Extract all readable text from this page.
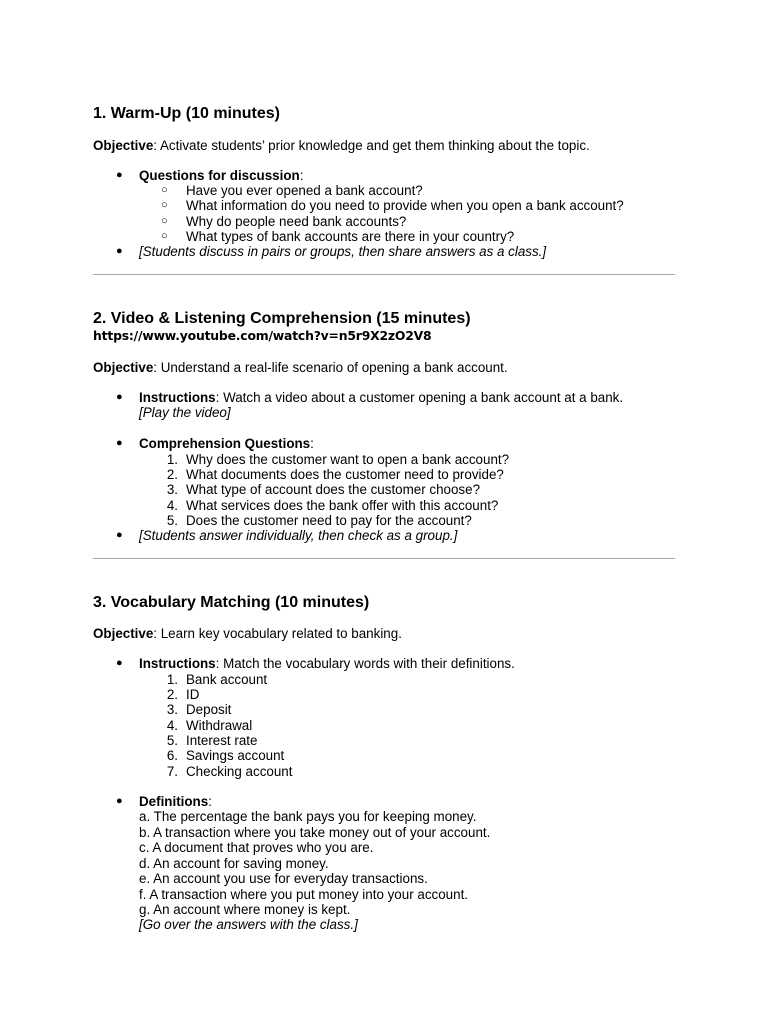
1. Warm-Up (10 minutes)

Objective: Activate students’ prior knowledge and get them thinking about the topic.

● Questions for discussion:
○ Have you ever opened a bank account?
○ What information do you need to provide when you open a bank account?
○ Why do people need bank accounts?
○ What types of bank accounts are there in your country?
● [Students discuss in pairs or groups, then share answers as a class.]
2. Video & Listening Comprehension (15 minutes)

https://www.youtube.com/watch?v=n5r9X2zO2V8

Objective: Understand a real-life scenario of opening a bank account.

● Instructions: Watch a video about a customer opening a bank account at a bank.
[Play the video]
● Comprehension Questions:
1. Why does the customer want to open a bank account?
2. What documents does the customer need to provide?
3. What type of account does the customer choose?
4. What services does the bank offer with this account?
5. Does the customer need to pay for the account?
● [Students answer individually, then check as a group.]
3. Vocabulary Matching (10 minutes)

Objective: Learn key vocabulary related to banking.

● Instructions: Match the vocabulary words with their definitions.
1. Bank account
2. ID
3. Deposit
4. Withdrawal
5. Interest rate
6. Savings account
7. Checking account
● Definitions:
a. The percentage the bank pays you for keeping money.
b. A transaction where you take money out of your account.
c. A document that proves who you are.
d. An account for saving money.
e. An account you use for everyday transactions.
f. A transaction where you put money into your account.
g. An account where money is kept.
[Go over the answers with the class.]
